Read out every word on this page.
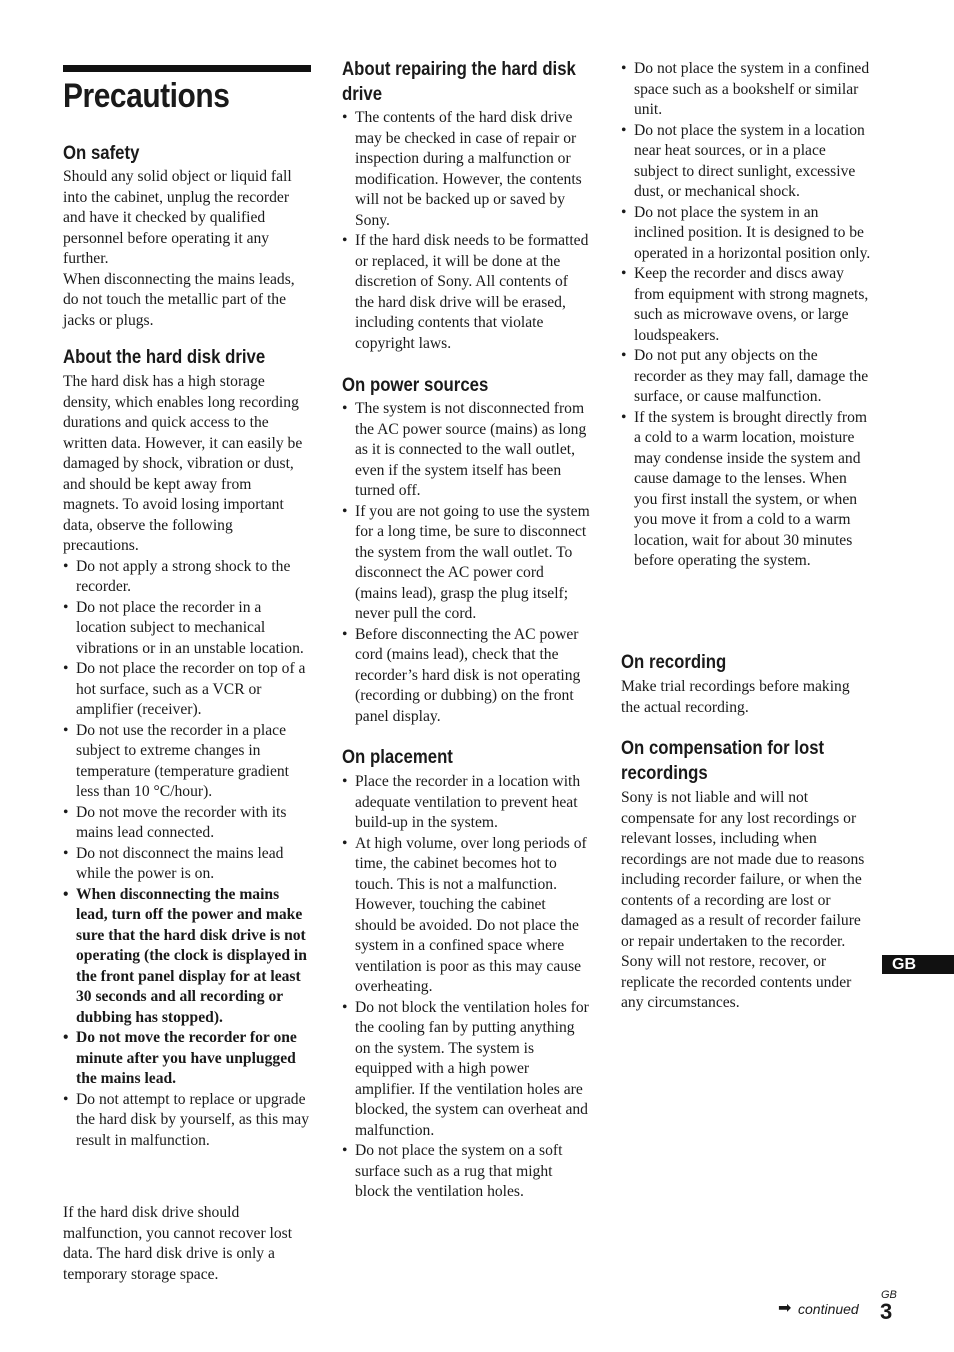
Precautions
On safety

Should any solid object or liquid fall into the cabinet, unplug the recorder and have it checked by qualified personnel before operating it any further.

When disconnecting the mains leads, do not touch the metallic part of the jacks or plugs.

About the hard disk drive

The hard disk has a high storage density, which enables long recording durations and quick access to the written data. However, it can easily be damaged by shock, vibration or dust, and should be kept away from magnets. To avoid losing important data, observe the following precautions.

• Do not apply a strong shock to the recorder.
• Do not place the recorder in a location subject to mechanical vibrations or in an unstable location.
• Do not place the recorder on top of a hot surface, such as a VCR or amplifier (receiver).
• Do not use the recorder in a place subject to extreme changes in temperature (temperature gradient less than 10 °C/hour).
• Do not move the recorder with its mains lead connected.
• Do not disconnect the mains lead while the power is on.
• When disconnecting the mains lead, turn off the power and make sure that the hard disk drive is not operating (the clock is displayed in the front panel display for at least 30 seconds and all recording or dubbing has stopped).
• Do not move the recorder for one minute after you have unplugged the mains lead.
• Do not attempt to replace or upgrade the hard disk by yourself, as this may result in malfunction.

If the hard disk drive should malfunction, you cannot recover lost data. The hard disk drive is only a temporary storage space.

About repairing the hard disk drive
• The contents of the hard disk drive may be checked in case of repair or inspection during a malfunction or modification. However, the contents will not be backed up or saved by Sony.
• If the hard disk needs to be formatted or replaced, it will be done at the discretion of Sony. All contents of the hard disk drive will be erased, including contents that violate copyright laws.
On power sources
• The system is not disconnected from the AC power source (mains) as long as it is connected to the wall outlet, even if the system itself has been turned off.
• If you are not going to use the system for a long time, be sure to disconnect the system from the wall outlet. To disconnect the AC power cord (mains lead), grasp the plug itself; never pull the cord.
• Before disconnecting the AC power cord (mains lead), check that the recorder’s hard disk is not operating (recording or dubbing) on the front panel display.
On placement
• Place the recorder in a location with adequate ventilation to prevent heat build-up in the system.
• At high volume, over long periods of time, the cabinet becomes hot to touch. This is not a malfunction. However, touching the cabinet should be avoided. Do not place the system in a confined space where ventilation is poor as this may cause overheating.
• Do not block the ventilation holes for the cooling fan by putting anything on the system. The system is equipped with a high power amplifier. If the ventilation holes are blocked, the system can overheat and malfunction.
• Do not place the system on a soft surface such as a rug that might block the ventilation holes.
• Do not place the system in a confined space such as a bookshelf or similar unit.
• Do not place the system in a location near heat sources, or in a place subject to direct sunlight, excessive dust, or mechanical shock.
• Do not place the system in an inclined position. It is designed to be operated in a horizontal position only.
• Keep the recorder and discs away from equipment with strong magnets, such as microwave ovens, or large loudspeakers.
• Do not put any objects on the recorder as they may fall, damage the surface, or cause malfunction.
• If the system is brought directly from a cold to a warm location, moisture may condense inside the system and cause damage to the lenses. When you first install the system, or when you move it from a cold to a warm location, wait for about 30 minutes before operating the system.
On recording

Make trial recordings before making the actual recording.

On compensation for lost recordings

Sony is not liable and will not compensate for any lost recordings or relevant losses, including when recordings are not made due to reasons including recorder failure, or when the contents of a recording are lost or damaged as a result of recorder failure or repair undertaken to the recorder. Sony will not restore, recover, or replicate the recorded contents under any circumstances.

GB
➡ continued
GB
3
